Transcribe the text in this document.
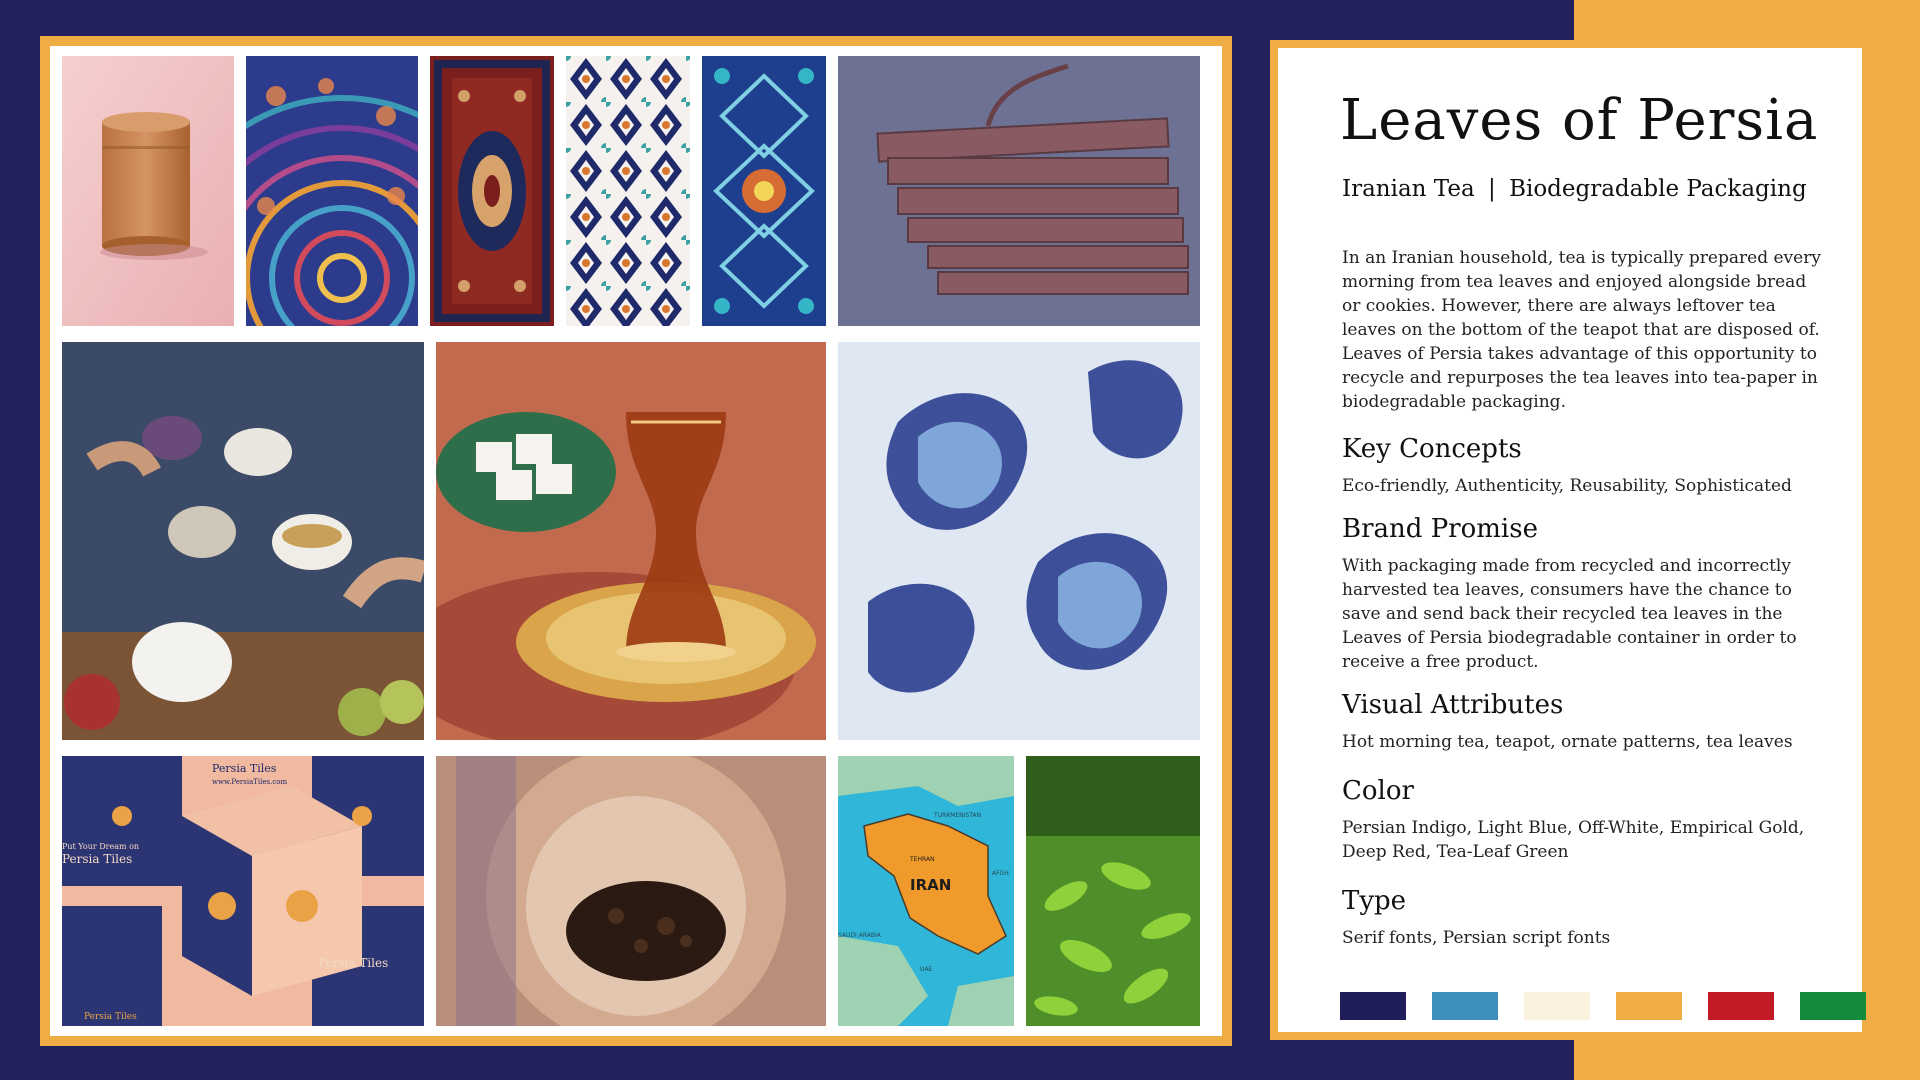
Persia Tiles
www.PersiaTiles.com
Put Your Dream on
Persia Tiles
Persia Tiles
Persia Tiles
IRAN
TEHRAN
TURKMENISTAN
AFGH
SAUDI ARABIA
UAE
Leaves of Persia
Iranian Tea | Biodegradable Packaging
In an Iranian household, tea is typically prepared every morning from tea leaves and enjoyed alongside bread or cookies. However, there are always leftover tea leaves on the bottom of the teapot that are disposed of. Leaves of Persia takes advantage of this opportunity to recycle and repurposes the tea leaves into tea-paper in biodegradable packaging.
Key Concepts
Eco-friendly, Authenticity, Reusability, Sophisticated
Brand Promise
With packaging made from recycled and incorrectly harvested tea leaves, consumers have the chance to save and send back their recycled tea leaves in the Leaves of Persia biodegradable container in order to receive a free product.
Visual Attributes
Hot morning tea, teapot, ornate patterns, tea leaves
Color
Persian Indigo, Light Blue, Off-White, Empirical Gold, Deep Red, Tea-Leaf Green
Type
Serif fonts, Persian script fonts
